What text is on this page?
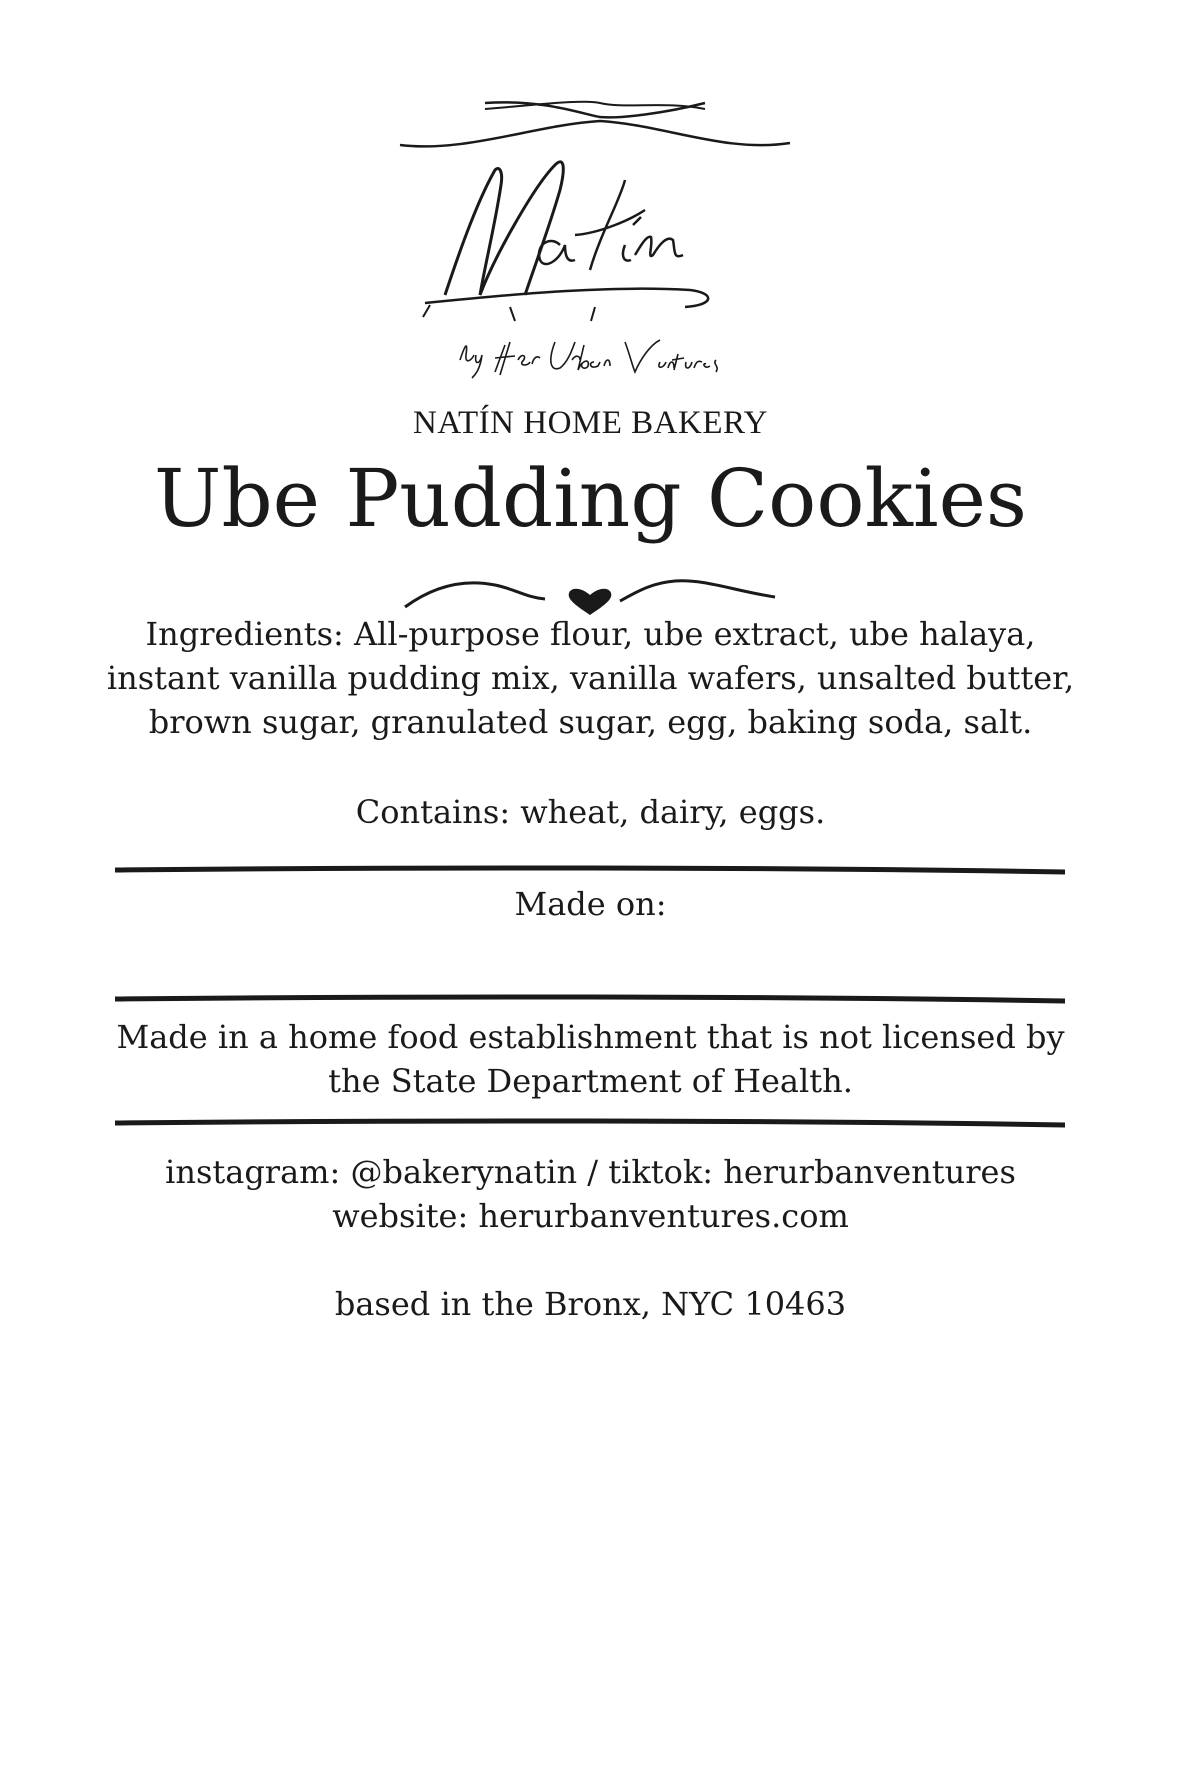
NATÍN HOME BAKERY
Ube Pudding Cookies
Ingredients: All-purpose flour, ube extract, ube halaya,
instant vanilla pudding mix, vanilla wafers, unsalted butter,
brown sugar, granulated sugar, egg, baking soda, salt.
Contains: wheat, dairy, eggs.
Made on:
Made in a home food establishment that is not licensed by
the State Department of Health.
instagram: @bakerynatin / tiktok: herurbanventures
website: herurbanventures.com
based in the Bronx, NYC 10463
